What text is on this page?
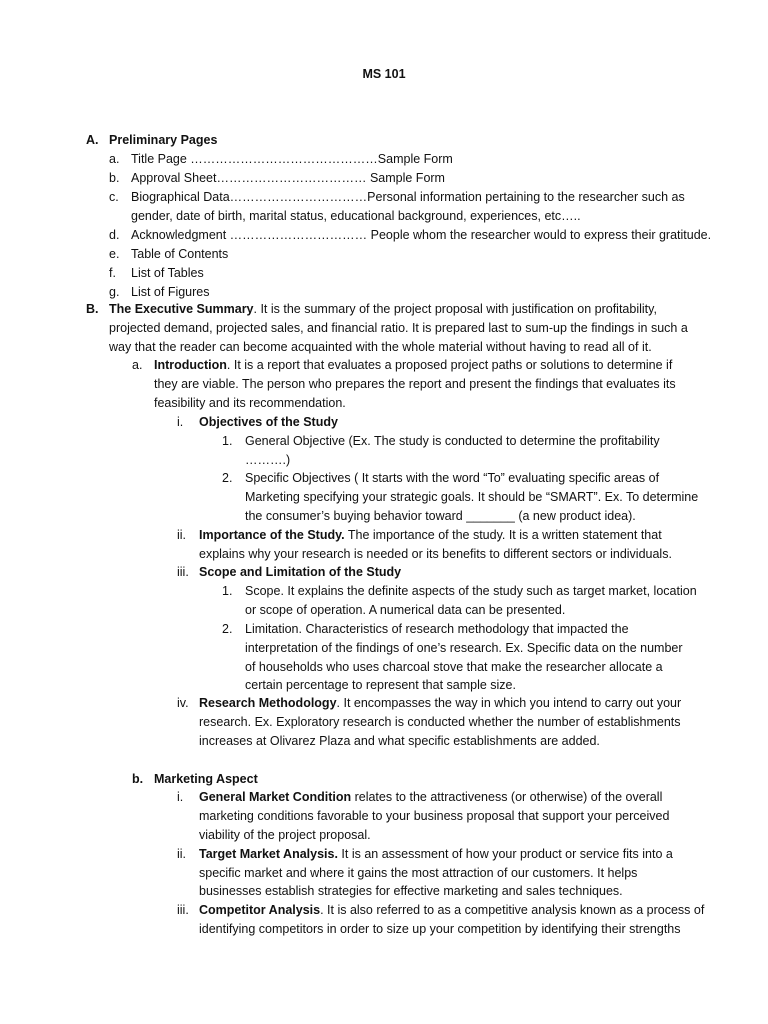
MS 101
A. Preliminary Pages
a. Title Page ………………………………………Sample Form
b. Approval Sheet……………………………… Sample Form
c. Biographical Data……………………………Personal information pertaining to the researcher such as
gender, date of birth, marital status, educational background, experiences, etc…..
d. Acknowledgment …………………………… People whom the researcher would to express their gratitude.
e. Table of Contents
f. List of Tables
g. List of Figures
B. The Executive Summary. It is the summary of the project proposal with justification on profitability,
projected demand, projected sales, and financial ratio. It is prepared last to sum-up the findings in such a
way that the reader can become acquainted with the whole material without having to read all of it.
a. Introduction. It is a report that evaluates a proposed project paths or solutions to determine if
they are viable. The person who prepares the report and present the findings that evaluates its
feasibility and its recommendation.
i. Objectives of the Study
1. General Objective (Ex. The study is conducted to determine the profitability
……….)
2. Specific Objectives ( It starts with the word “To” evaluating specific areas of
Marketing specifying your strategic goals. It should be “SMART”. Ex. To determine
the consumer’s buying behavior toward _______ (a new product idea).
ii. Importance of the Study. The importance of the study. It is a written statement that
explains why your research is needed or its benefits to different sectors or individuals.
iii. Scope and Limitation of the Study
1. Scope. It explains the definite aspects of the study such as target market, location
or scope of operation. A numerical data can be presented.
2. Limitation. Characteristics of research methodology that impacted the
interpretation of the findings of one’s research. Ex. Specific data on the number
of households who uses charcoal stove that make the researcher allocate a
certain percentage to represent that sample size.
iv. Research Methodology. It encompasses the way in which you intend to carry out your
research. Ex. Exploratory research is conducted whether the number of establishments
increases at Olivarez Plaza and what specific establishments are added.
b. Marketing Aspect
i. General Market Condition relates to the attractiveness (or otherwise) of the overall
marketing conditions favorable to your business proposal that support your perceived
viability of the project proposal.
ii. Target Market Analysis. It is an assessment of how your product or service fits into a
specific market and where it gains the most attraction of our customers. It helps
businesses establish strategies for effective marketing and sales techniques.
iii. Competitor Analysis. It is also referred to as a competitive analysis known as a process of
identifying competitors in order to size up your competition by identifying their strengths
